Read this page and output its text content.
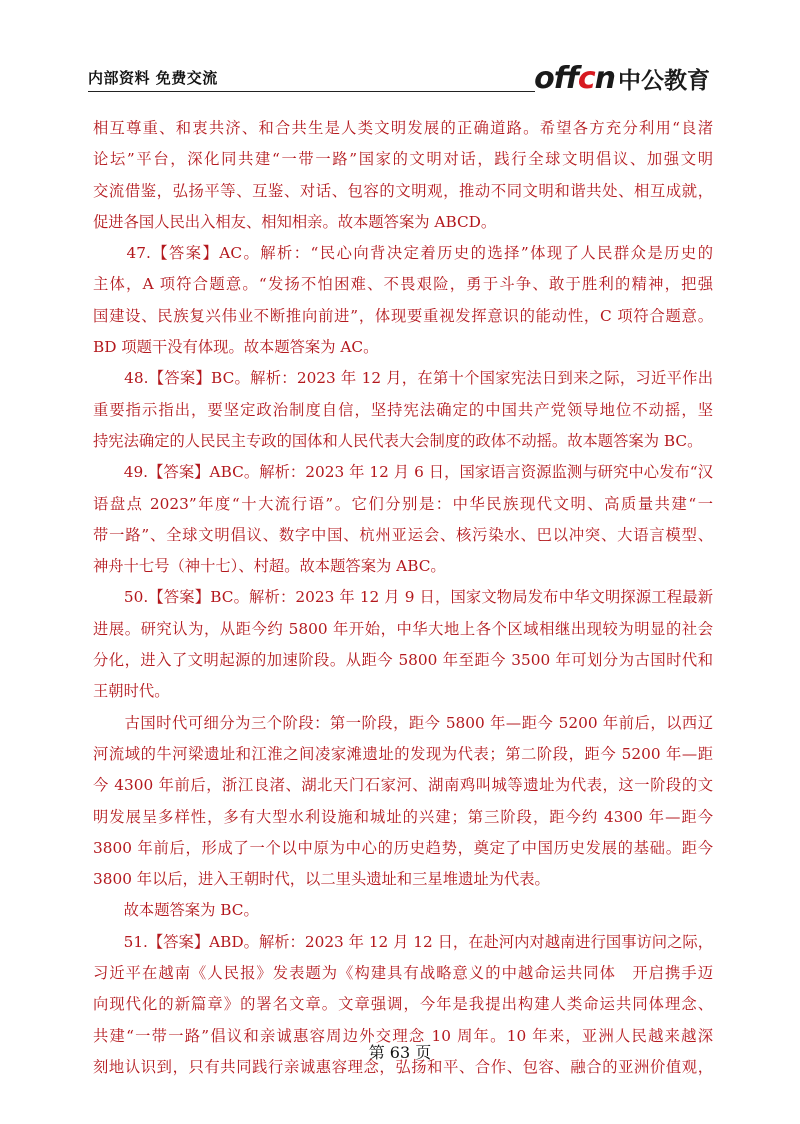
内部资料 免费交流	offcn 中公教育

相互尊重、和衷共济、和合共生是人类文明发展的正确道路。希望各方充分利用“良渚
论坛”平台，深化同共建“一带一路”国家的文明对话，践行全球文明倡议、加强文明
交流借鉴，弘扬平等、互鉴、对话、包容的文明观，推动不同文明和谐共处、相互成就，
促进各国人民出入相友、相知相亲。故本题答案为 ABCD。

　　47.【答案】AC。解析：“民心向背决定着历史的选择”体现了人民群众是历史的
主体，A 项符合题意。“发扬不怕困难、不畏艰险，勇于斗争、敢于胜利的精神，把强
国建设、民族复兴伟业不断推向前进”，体现要重视发挥意识的能动性，C 项符合题意。
BD 项题干没有体现。故本题答案为 AC。

　　48.【答案】BC。解析：2023 年 12 月，在第十个国家宪法日到来之际，习近平作出
重要指示指出，要坚定政治制度自信，坚持宪法确定的中国共产党领导地位不动摇，坚
持宪法确定的人民民主专政的国体和人民代表大会制度的政体不动摇。故本题答案为 BC。

　　49.【答案】ABC。解析：2023 年 12 月 6 日，国家语言资源监测与研究中心发布“汉
语盘点 2023”年度“十大流行语”。它们分别是：中华民族现代文明、高质量共建“一
带一路”、全球文明倡议、数字中国、杭州亚运会、核污染水、巴以冲突、大语言模型、
神舟十七号（神十七）、村超。故本题答案为 ABC。

　　50.【答案】BC。解析：2023 年 12 月 9 日，国家文物局发布中华文明探源工程最新
进展。研究认为，从距今约 5800 年开始，中华大地上各个区域相继出现较为明显的社会
分化，进入了文明起源的加速阶段。从距今 5800 年至距今 3500 年可划分为古国时代和
王朝时代。

　　古国时代可细分为三个阶段：第一阶段，距今 5800 年—距今 5200 年前后，以西辽
河流域的牛河梁遗址和江淮之间凌家滩遗址的发现为代表；第二阶段，距今 5200 年—距
今 4300 年前后，浙江良渚、湖北天门石家河、湖南鸡叫城等遗址为代表，这一阶段的文
明发展呈多样性，多有大型水利设施和城址的兴建；第三阶段，距今约 4300 年—距今
3800 年前后，形成了一个以中原为中心的历史趋势，奠定了中国历史发展的基础。距今
3800 年以后，进入王朝时代，以二里头遗址和三星堆遗址为代表。

　　故本题答案为 BC。

　　51.【答案】ABD。解析：2023 年 12 月 12 日，在赴河内对越南进行国事访问之际，
习近平在越南《人民报》发表题为《构建具有战略意义的中越命运共同体　开启携手迈
向现代化的新篇章》的署名文章。文章强调，今年是我提出构建人类命运共同体理念、
共建“一带一路”倡议和亲诚惠容周边外交理念 10 周年。10 年来，亚洲人民越来越深
刻地认识到，只有共同践行亲诚惠容理念，弘扬和平、合作、包容、融合的亚洲价值观，

第 63 页
